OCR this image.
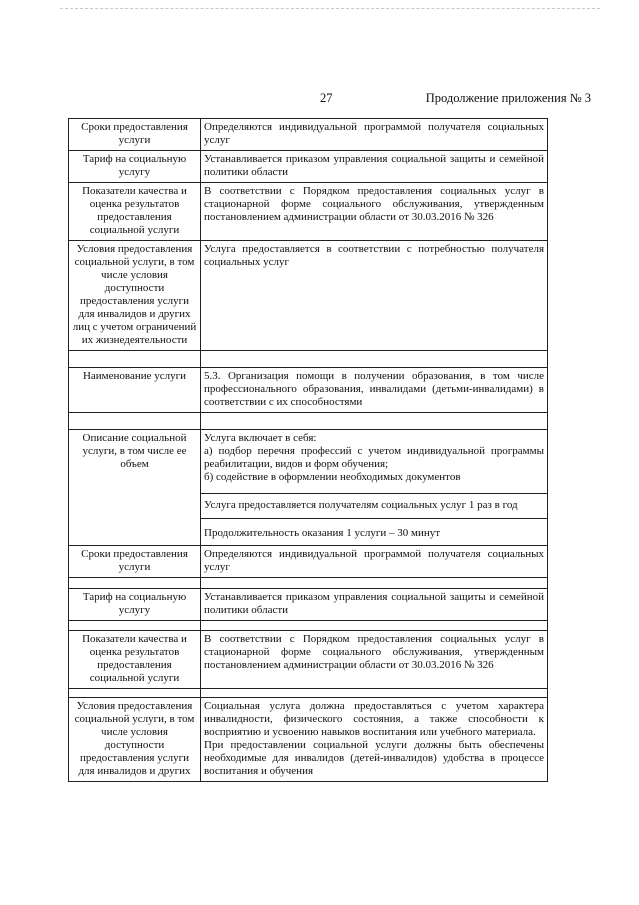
27	Продолжение приложения № 3
Сроки предоставления услуги	Определяются индивидуальной программой получателя социальных услуг
Тариф на социальную услугу	Устанавливается приказом управления социальной защиты и семейной политики области
Показатели качества и оценка результатов предоставления социальной услуги	В соответствии с Порядком предоставления социальных услуг в стационарной форме социального обслуживания, утвержденным постановлением администрации области от 30.03.2016 № 326
Условия предоставления социальной услуги, в том числе условия доступности предоставления услуги для инвалидов и других лиц с учетом ограничений их жизнедеятельности	Услуга предоставляется в соответствии с потребностью получателя социальных услуг

Наименование услуги	5.3. Организация помощи в получении образования, в том числе профессионального образования, инвалидами (детьми-инвалидами) в соответствии с их способностями

Описание социальной услуги, в том числе ее объем	Услуга включает в себя:
а) подбор перечня профессий с учетом индивидуальной программы реабилитации, видов и форм обучения;
б) содействие в оформлении необходимых документов

	Услуга предоставляется получателям социальных услуг 1 раз в год
	Продолжительность оказания 1 услуги – 30 минут
Сроки предоставления услуги	Определяются индивидуальной программой получателя социальных услуг

Тариф на социальную услугу	Устанавливается приказом управления социальной защиты и семейной политики области

Показатели качества и оценка результатов предоставления социальной услуги	В соответствии с Порядком предоставления социальных услуг в стационарной форме социального обслуживания, утвержденным постановлением администрации области от 30.03.2016 № 326

Условия предоставления социальной услуги, в том числе условия доступности предоставления услуги для инвалидов и других	Социальная услуга должна предоставляться с учетом характера инвалидности, физического состояния, а также способности к восприятию и усвоению навыков воспитания или учебного материала.
При предоставлении социальной услуги должны быть обеспечены необходимые для инвалидов (детей-инвалидов) удобства в процессе воспитания и обучения
